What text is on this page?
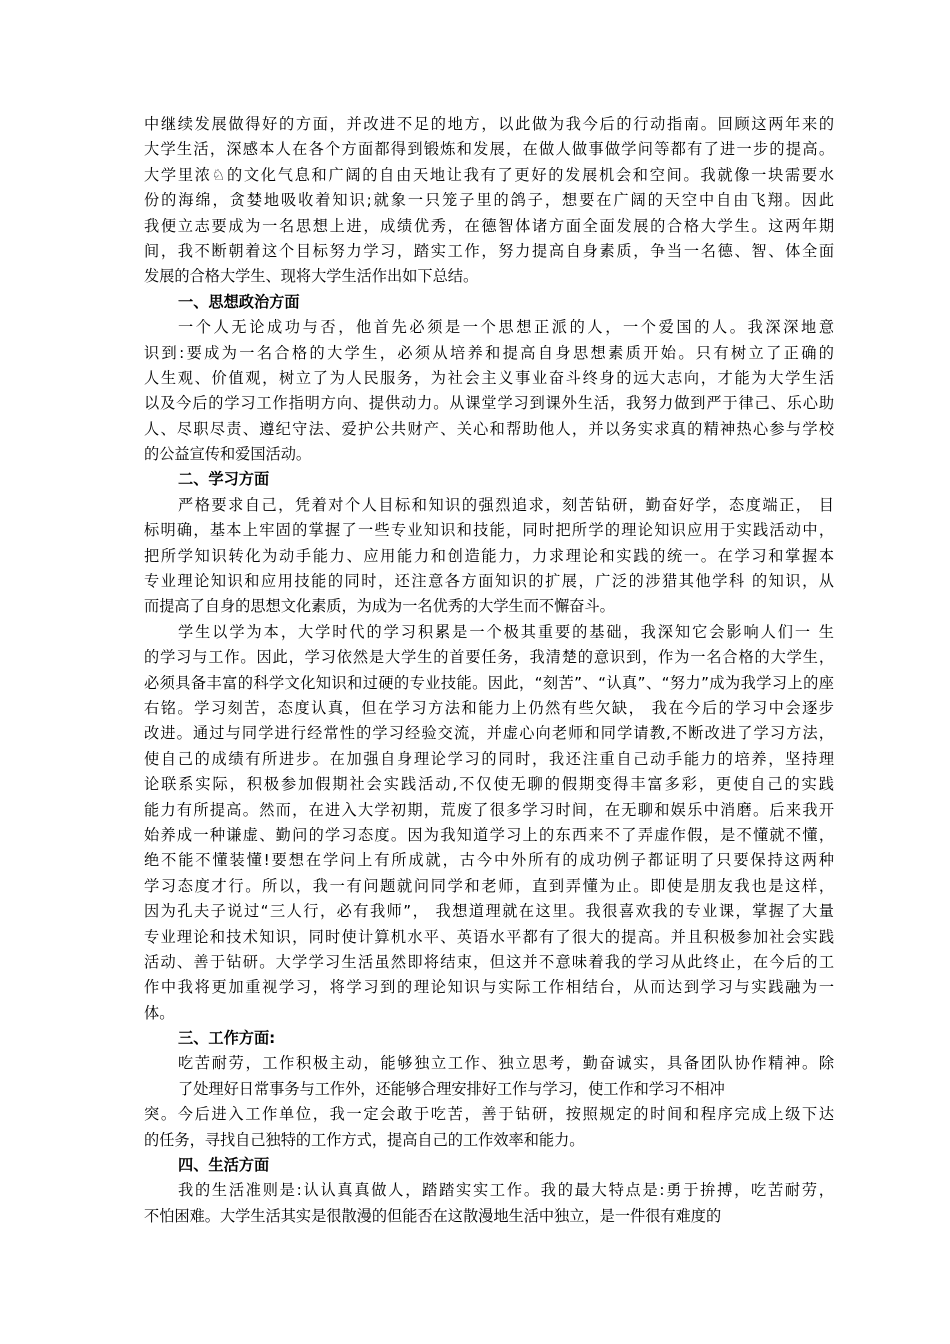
中继续发展做得好的方面，并改进不足的地方，以此做为我今后的行动指南。回顾这两年来的
大学生活，深感本人在各个方面都得到锻炼和发展，在做人做事做学问等都有了进一步的提高。
大学里浓♘的文化气息和广阔的自由天地让我有了更好的发展机会和空间。我就像一块需要水
份的海绵，贪婪地吸收着知识;就象一只笼子里的鸽子，想要在广阔的天空中自由飞翔。因此
我便立志要成为一名思想上进，成绩优秀，在德智体诸方面全面发展的合格大学生。这两年期
间，我不断朝着这个目标努力学习，踏实工作，努力提高自身素质，争当一名德、智、体全面
发展的合格大学生、现将大学生活作出如下总结。
一、思想政治方面
一个人无论成功与否，他首先必须是一个思想正派的人，一个爱国的人。我深深地意
识到:要成为一名合格的大学生，必须从培养和提高自身思想素质开始。只有树立了正确的
人生观、价值观，树立了为人民服务，为社会主义事业奋斗终身的远大志向，才能为大学生活
以及今后的学习工作指明方向、提供动力。从课堂学习到课外生活，我努力做到严于律己、乐心助
人、尽职尽责、遵纪守法、爱护公共财产、关心和帮助他人，并以务实求真的精神热心参与学校
的公益宣传和爱国活动。
二、学习方面
严格要求自己，凭着对个人目标和知识的强烈追求，刻苦钻研，勤奋好学，态度端正， 目
标明确，基本上牢固的掌握了一些专业知识和技能，同时把所学的理论知识应用于实践活动中，
把所学知识转化为动手能力、应用能力和创造能力，力求理论和实践的统一。在学习和掌握本
专业理论知识和应用技能的同时，还注意各方面知识的扩展，广泛的涉猎其他学科 的知识，从
而提高了自身的思想文化素质，为成为一名优秀的大学生而不懈奋斗。
学生以学为本，大学时代的学习积累是一个极其重要的基础，我深知它会影响人们一 生
的学习与工作。因此，学习依然是大学生的首要任务，我清楚的意识到，作为一名合格的大学生，
必须具备丰富的科学文化知识和过硬的专业技能。因此，“刻苦”、“认真”、“努力”成为我学习上的座
右铭。学习刻苦，态度认真，但在学习方法和能力上仍然有些欠缺， 我在今后的学习中会逐步
改进。通过与同学进行经常性的学习经验交流，并虚心向老师和同学请教,不断改进了学习方法，
使自己的成绩有所进步。在加强自身理论学习的同时，我还注重自己动手能力的培养，坚持理
论联系实际，积极参加假期社会实践活动,不仅使无聊的假期变得丰富多彩，更使自己的实践
能力有所提高。然而，在进入大学初期，荒废了很多学习时间，在无聊和娱乐中消磨。后来我开
始养成一种谦虚、勤问的学习态度。因为我知道学习上的东西来不了弄虚作假，是不懂就不懂，
绝不能不懂装懂!要想在学问上有所成就，古今中外所有的成功例子都证明了只要保持这两种
学习态度才行。所以，我一有问题就问同学和老师，直到弄懂为止。即使是朋友我也是这样，
因为孔夫子说过“三人行，必有我师”， 我想道理就在这里。我很喜欢我的专业课，掌握了大量
专业理论和技术知识，同时使计算机水平、英语水平都有了很大的提高。并且积极参加社会实践
活动、善于钻研。大学学习生活虽然即将结束，但这并不意味着我的学习从此终止，在今后的工
作中我将更加重视学习，将学习到的理论知识与实际工作相结台，从而达到学习与实践融为一
体。
三、工作方面:
吃苦耐劳，工作积极主动，能够独立工作、独立思考，勤奋诚实，具备团队协作精神。除
了处理好日常事务与工作外，还能够合理安排好工作与学习，使工作和学习不相冲
突。今后进入工作单位，我一定会敢于吃苦，善于钻研，按照规定的时间和程序完成上级下达
的任务，寻找自己独特的工作方式，提高自己的工作效率和能力。
四、生活方面
我的生活准则是:认认真真做人，踏踏实实工作。我的最大特点是:勇于拚搏，吃苦耐劳，
不怕困难。大学生活其实是很散漫的但能否在这散漫地生活中独立，是一件很有难度的
